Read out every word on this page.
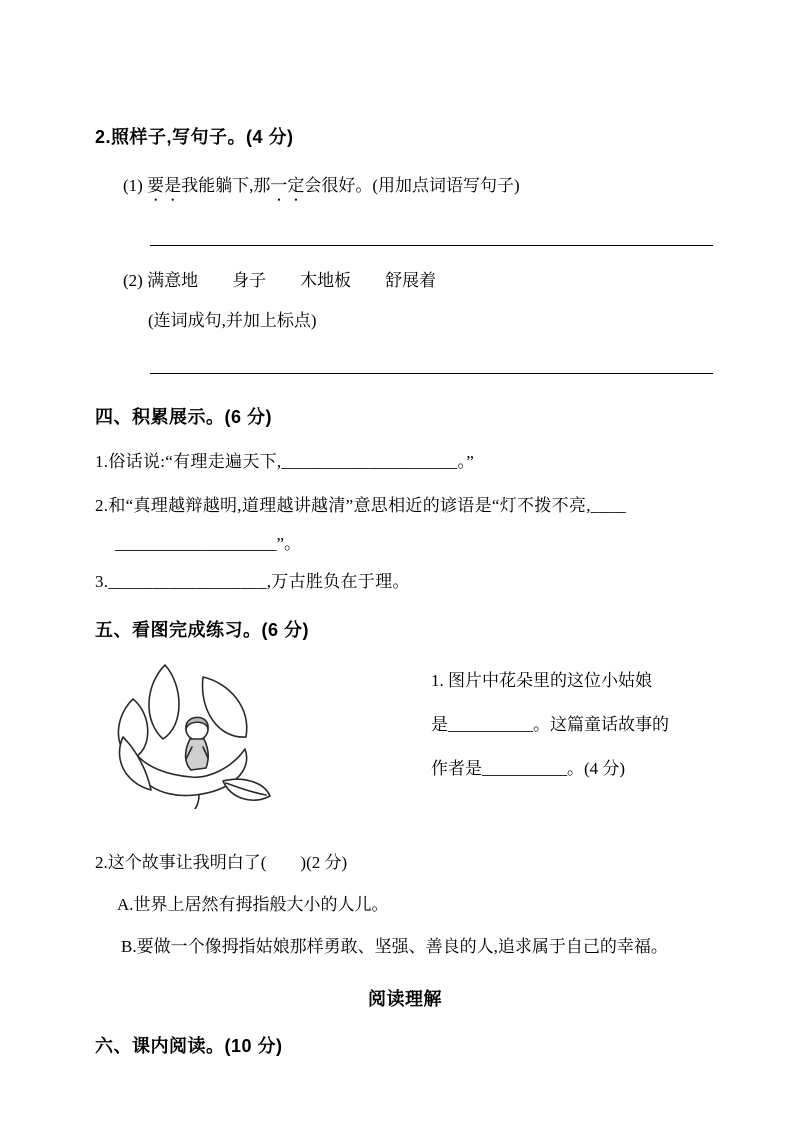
2.照样子,写句子。(4 分)

(1) 要是我能躺下,那一定会很好。(用加点词语写句子)

(2) 满意地 身子 木地板 舒展着

(连词成句,并加上标点)

四、积累展示。(6 分)

1.俗话说:“有理走遍天下,____________________。”

2.和“真理越辩越明,道理越讲越清”意思相近的谚语是“灯不拨不亮,____

___________________”。

3.__________________,万古胜负在于理。

五、看图完成练习。(6 分)

1. 图片中花朵里的这位小姑娘

是__________。这篇童话故事的

作者是__________。(4 分)

2.这个故事让我明白了(　　)(2 分)

A.世界上居然有拇指般大小的人儿。

B.要做一个像拇指姑娘那样勇敢、坚强、善良的人,追求属于自己的幸福。

阅读理解

六、课内阅读。(10 分)
